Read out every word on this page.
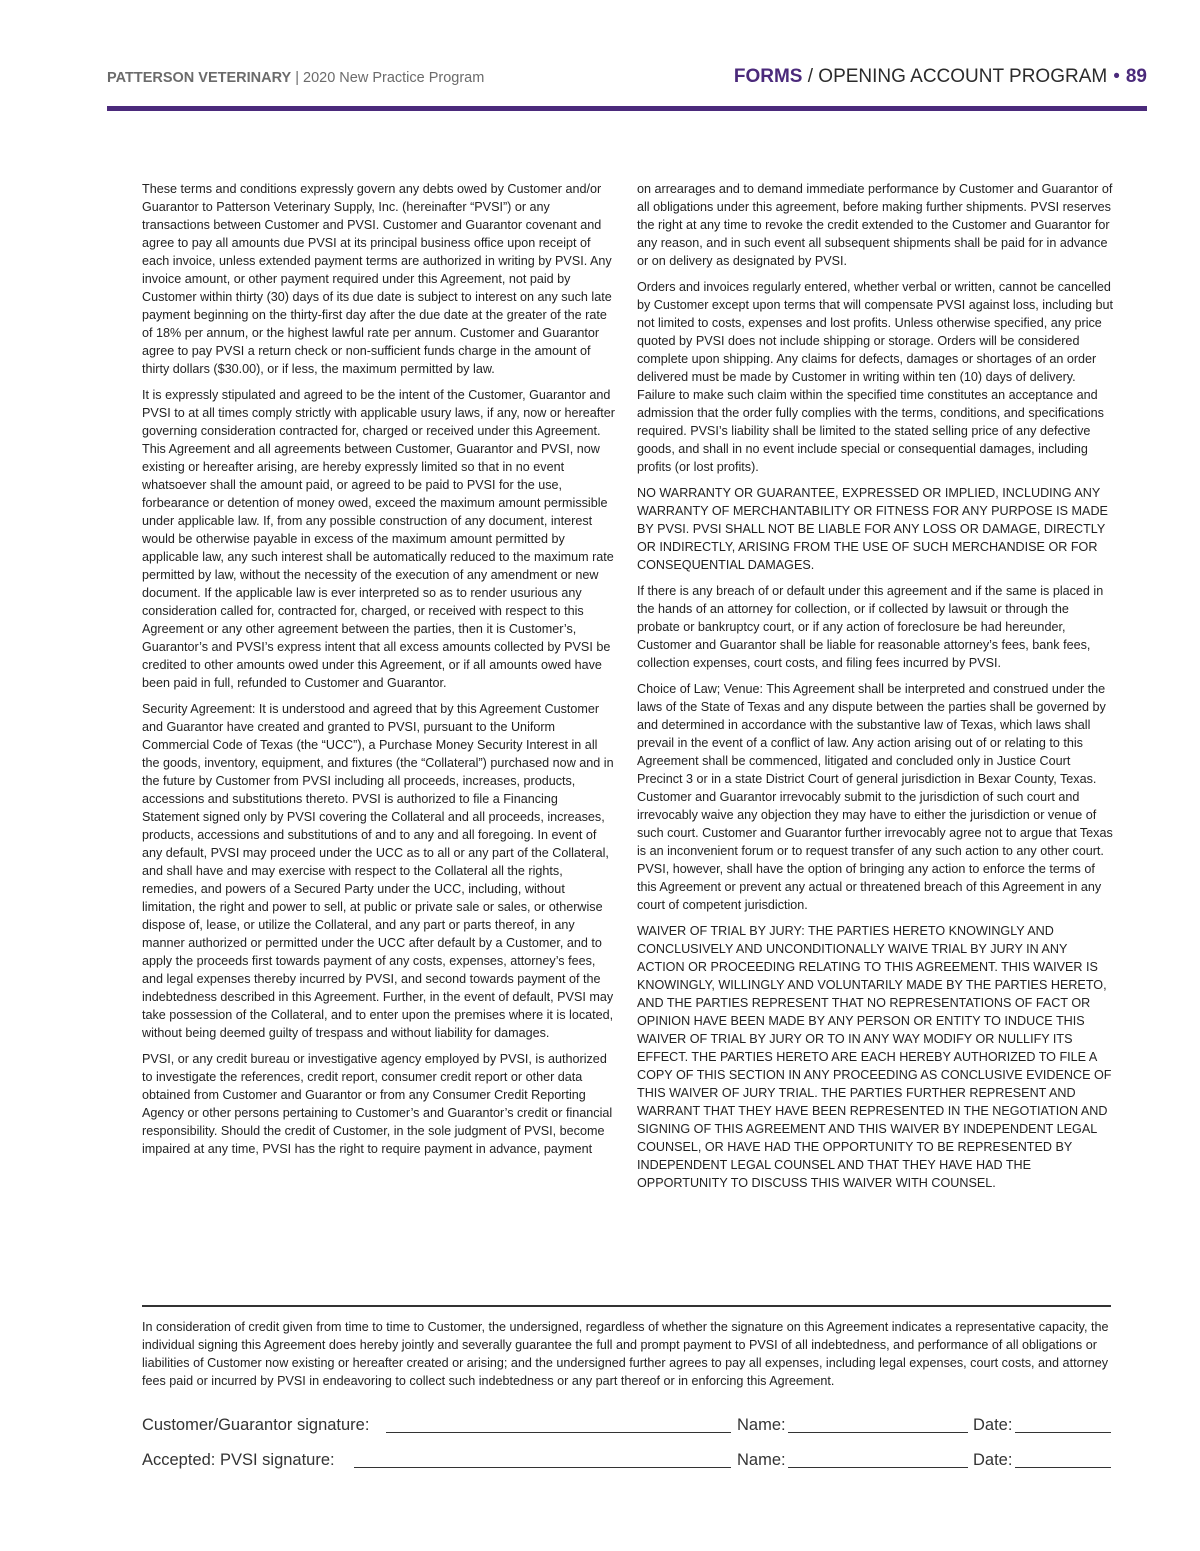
PATTERSON VETERINARY | 2020 New Practice Program	FORMS / OPENING ACCOUNT PROGRAM • 89

These terms and conditions expressly govern any debts owed by Customer and/or Guarantor to Patterson Veterinary Supply, Inc. (hereinafter “PVSI”) or any transactions between Customer and PVSI. Customer and Guarantor covenant and agree to pay all amounts due PVSI at its principal business office upon receipt of each invoice, unless extended payment terms are authorized in writing by PVSI. Any invoice amount, or other payment required under this Agreement, not paid by Customer within thirty (30) days of its due date is subject to interest on any such late payment beginning on the thirty-first day after the due date at the greater of the rate of 18% per annum, or the highest lawful rate per annum. Customer and Guarantor agree to pay PVSI a return check or non-sufficient funds charge in the amount of thirty dollars ($30.00), or if less, the maximum permitted by law.

It is expressly stipulated and agreed to be the intent of the Customer, Guarantor and PVSI to at all times comply strictly with applicable usury laws, if any, now or hereafter governing consideration contracted for, charged or received under this Agreement. This Agreement and all agreements between Customer, Guarantor and PVSI, now existing or hereafter arising, are hereby expressly limited so that in no event whatsoever shall the amount paid, or agreed to be paid to PVSI for the use, forbearance or detention of money owed, exceed the maximum amount permissible under applicable law. If, from any possible construction of any document, interest would be otherwise payable in excess of the maximum amount permitted by applicable law, any such interest shall be automatically reduced to the maximum rate permitted by law, without the necessity of the execution of any amendment or new document. If the applicable law is ever interpreted so as to render usurious any consideration called for, contracted for, charged, or received with respect to this Agreement or any other agreement between the parties, then it is Customer’s, Guarantor’s and PVSI’s express intent that all excess amounts collected by PVSI be credited to other amounts owed under this Agreement, or if all amounts owed have been paid in full, refunded to Customer and Guarantor.

Security Agreement: It is understood and agreed that by this Agreement Customer and Guarantor have created and granted to PVSI, pursuant to the Uniform Commercial Code of Texas (the “UCC”), a Purchase Money Security Interest in all the goods, inventory, equipment, and fixtures (the “Collateral”) purchased now and in the future by Customer from PVSI including all proceeds, increases, products, accessions and substitutions thereto. PVSI is authorized to file a Financing Statement signed only by PVSI covering the Collateral and all proceeds, increases, products, accessions and substitutions of and to any and all foregoing. In event of any default, PVSI may proceed under the UCC as to all or any part of the Collateral, and shall have and may exercise with respect to the Collateral all the rights, remedies, and powers of a Secured Party under the UCC, including, without limitation, the right and power to sell, at public or private sale or sales, or otherwise dispose of, lease, or utilize the Collateral, and any part or parts thereof, in any manner authorized or permitted under the UCC after default by a Customer, and to apply the proceeds first towards payment of any costs, expenses, attorney’s fees, and legal expenses thereby incurred by PVSI, and second towards payment of the indebtedness described in this Agreement. Further, in the event of default, PVSI may take possession of the Collateral, and to enter upon the premises where it is located, without being deemed guilty of trespass and without liability for damages.

PVSI, or any credit bureau or investigative agency employed by PVSI, is authorized to investigate the references, credit report, consumer credit report or other data obtained from Customer and Guarantor or from any Consumer Credit Reporting Agency or other persons pertaining to Customer’s and Guarantor’s credit or financial responsibility. Should the credit of Customer, in the sole judgment of PVSI, become impaired at any time, PVSI has the right to require payment in advance, payment

on arrearages and to demand immediate performance by Customer and Guarantor of all obligations under this agreement, before making further shipments. PVSI reserves the right at any time to revoke the credit extended to the Customer and Guarantor for any reason, and in such event all subsequent shipments shall be paid for in advance or on delivery as designated by PVSI.

Orders and invoices regularly entered, whether verbal or written, cannot be cancelled by Customer except upon terms that will compensate PVSI against loss, including but not limited to costs, expenses and lost profits. Unless otherwise specified, any price quoted by PVSI does not include shipping or storage. Orders will be considered complete upon shipping. Any claims for defects, damages or shortages of an order delivered must be made by Customer in writing within ten (10) days of delivery. Failure to make such claim within the specified time constitutes an acceptance and admission that the order fully complies with the terms, conditions, and specifications required. PVSI’s liability shall be limited to the stated selling price of any defective goods, and shall in no event include special or consequential damages, including profits (or lost profits).

NO WARRANTY OR GUARANTEE, EXPRESSED OR IMPLIED, INCLUDING ANY WARRANTY OF MERCHANTABILITY OR FITNESS FOR ANY PURPOSE IS MADE BY PVSI. PVSI SHALL NOT BE LIABLE FOR ANY LOSS OR DAMAGE, DIRECTLY OR INDIRECTLY, ARISING FROM THE USE OF SUCH MERCHANDISE OR FOR CONSEQUENTIAL DAMAGES.

If there is any breach of or default under this agreement and if the same is placed in the hands of an attorney for collection, or if collected by lawsuit or through the probate or bankruptcy court, or if any action of foreclosure be had hereunder, Customer and Guarantor shall be liable for reasonable attorney’s fees, bank fees, collection expenses, court costs, and filing fees incurred by PVSI.

Choice of Law; Venue: This Agreement shall be interpreted and construed under the laws of the State of Texas and any dispute between the parties shall be governed by and determined in accordance with the substantive law of Texas, which laws shall prevail in the event of a conflict of law. Any action arising out of or relating to this Agreement shall be commenced, litigated and concluded only in Justice Court Precinct 3 or in a state District Court of general jurisdiction in Bexar County, Texas. Customer and Guarantor irrevocably submit to the jurisdiction of such court and irrevocably waive any objection they may have to either the jurisdiction or venue of such court. Customer and Guarantor further irrevocably agree not to argue that Texas is an inconvenient forum or to request transfer of any such action to any other court. PVSI, however, shall have the option of bringing any action to enforce the terms of this Agreement or prevent any actual or threatened breach of this Agreement in any court of competent jurisdiction.

WAIVER OF TRIAL BY JURY: THE PARTIES HERETO KNOWINGLY AND CONCLUSIVELY AND UNCONDITIONALLY WAIVE TRIAL BY JURY IN ANY ACTION OR PROCEEDING RELATING TO THIS AGREEMENT. THIS WAIVER IS KNOWINGLY, WILLINGLY AND VOLUNTARILY MADE BY THE PARTIES HERETO, AND THE PARTIES REPRESENT THAT NO REPRESENTATIONS OF FACT OR OPINION HAVE BEEN MADE BY ANY PERSON OR ENTITY TO INDUCE THIS WAIVER OF TRIAL BY JURY OR TO IN ANY WAY MODIFY OR NULLIFY ITS EFFECT. THE PARTIES HERETO ARE EACH HEREBY AUTHORIZED TO FILE A COPY OF THIS SECTION IN ANY PROCEEDING AS CONCLUSIVE EVIDENCE OF THIS WAIVER OF JURY TRIAL. THE PARTIES FURTHER REPRESENT AND WARRANT THAT THEY HAVE BEEN REPRESENTED IN THE NEGOTIATION AND SIGNING OF THIS AGREEMENT AND THIS WAIVER BY INDEPENDENT LEGAL COUNSEL, OR HAVE HAD THE OPPORTUNITY TO BE REPRESENTED BY INDEPENDENT LEGAL COUNSEL AND THAT THEY HAVE HAD THE OPPORTUNITY TO DISCUSS THIS WAIVER WITH COUNSEL.

In consideration of credit given from time to time to Customer, the undersigned, regardless of whether the signature on this Agreement indicates a representative capacity, the individual signing this Agreement does hereby jointly and severally guarantee the full and prompt payment to PVSI of all indebtedness, and performance of all obligations or liabilities of Customer now existing or hereafter created or arising; and the undersigned further agrees to pay all expenses, including legal expenses, court costs, and attorney fees paid or incurred by PVSI in endeavoring to collect such indebtedness or any part thereof or in enforcing this Agreement.

Customer/Guarantor signature:	Name:	Date:
Accepted: PVSI signature:	Name:	Date:
